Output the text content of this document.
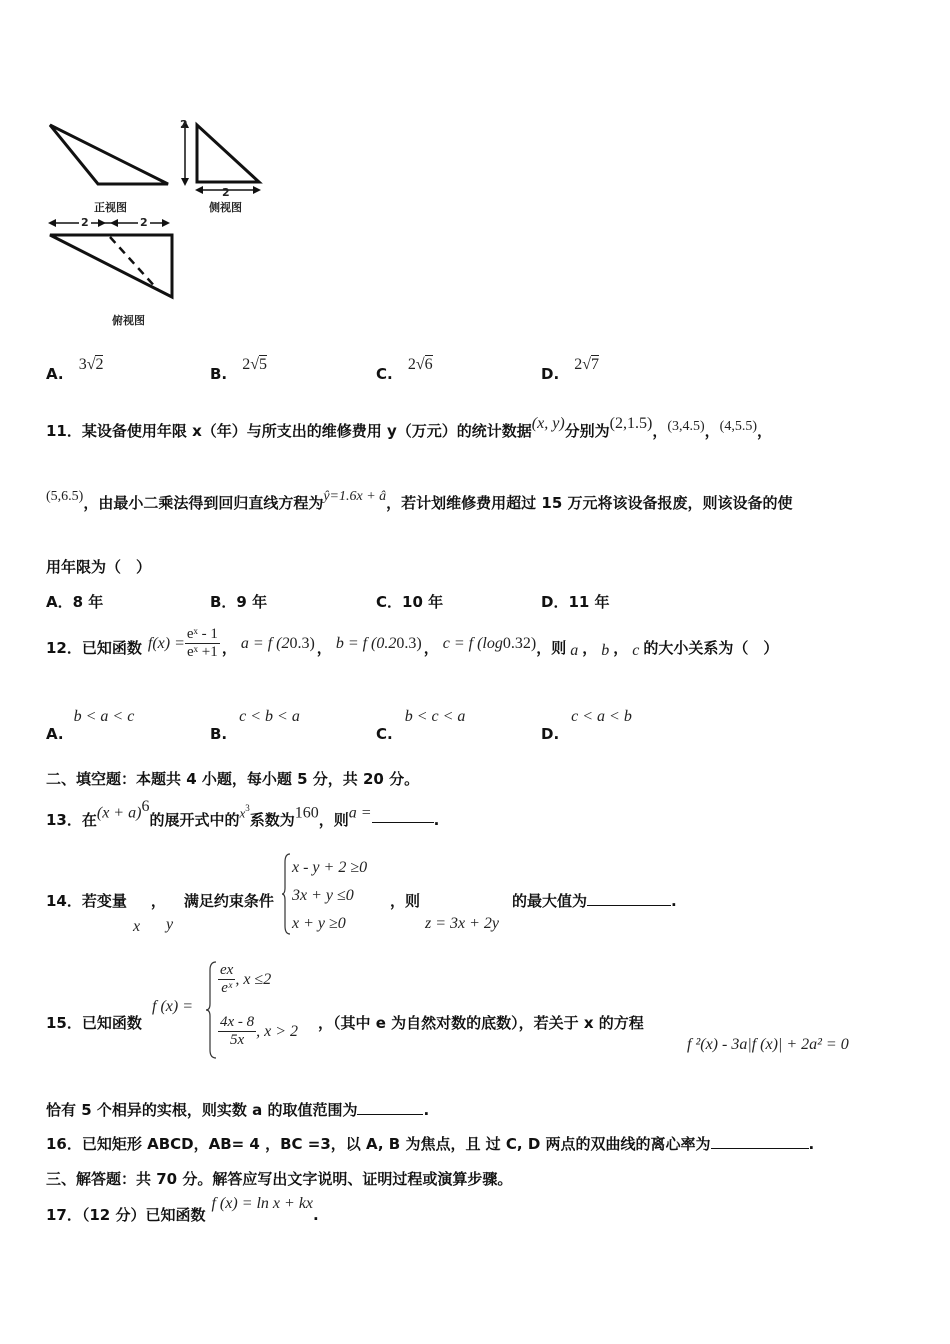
2
2
正视图	侧视图
2	2
俯视图
A. 3√2
B. 2√5
C. 2√6
D. 2√7
11．某设备使用年限 x（年）与所支出的维修费用 y（万元）的统计数据(x, y)分别为(2,1.5)，(3,4.5)，(4,5.5)，
(5,6.5)，由最小二乘法得到回归直线方程为ŷ=1.6x + â，若计划维修费用超过 15 万元将该设备报废，则该设备的使
用年限为（　）
A．8 年	B．9 年	C．10 年	D．11 年
12．已知函数 $f(x) = \frac{\text{eˣ - 1}}{\text{eˣ +1}}$ ， a = f (2 0.3 ) ， b = f (0.2 0.3 ) ， c = f (log 0.3 2) ，则 a ， b ， c 的大小关系为（　）
A.b < a < c
B.c < b < a
C.b < c < a
D.c < a < b
二、填空题：本题共 4 小题，每小题 5 分，共 20 分。
13．在$(x + a)^6$的展开式中的$x^3$系数为160，则a =	.
14．若变量 ， 满足约束条件
x y
x - y + 2 ≥0
3x + y ≤0
x + y ≥0
，则
z = 3x + 2y
的最大值为	.
15．已知函数
f (x) =
$\frac{ex}{\text{eˣ}}$ , x ≤2
$\frac{4x - 8}{5x}$ , x > 2 ，（其中 e 为自然对数的底数），若关于 x 的方程
f ²(x) - 3a|f (x)| + 2a² = 0
恰有 5 个相异的实根，则实数 a 的取值范围为	.
16．已知矩形 ABCD，AB= 4 ，BC =3，以 A, B 为焦点，且 过 C, D 两点的双曲线的离心率为	.
三、解答题：共 70 分。解答应写出文字说明、证明过程或演算步骤。
17．（12 分）已知函数f (x) = ln x + kx.
